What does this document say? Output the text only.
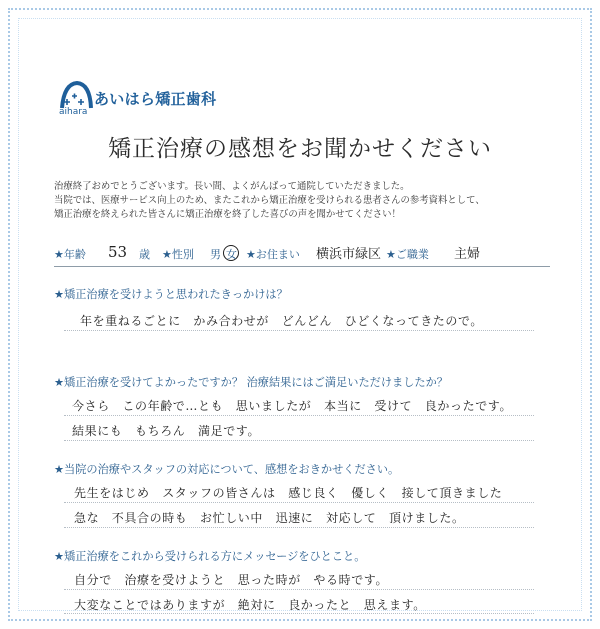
あいはら矯正歯科
aihara
矯正治療の感想をお聞かせください
治療終了おめでとうございます。長い間、よくがんばって通院していただきました。
当院では、医療サービス向上のため、またこれから矯正治療を受けられる患者さんの参考資料として、
矯正治療を終えられた皆さんに矯正治療を終了した喜びの声を聞かせてください！
★年齢 53 歳 ★性別 男 女 ★お住まい 横浜市緑区 ★ご職業 主婦
★矯正治療を受けようと思われたきっかけは？
年を重ねるごとに　かみ合わせが　どんどん　ひどくなってきたので。
★矯正治療を受けてよかったですか？ 治療結果にはご満足いただけましたか？
今さら　この年齢で…とも　思いましたが　本当に　受けて　良かったです。
結果にも　もちろん　満足です。
★当院の治療やスタッフの対応について、感想をおきかせください。
先生をはじめ　スタッフの皆さんは　感じ良く　優しく　接して頂きました
急な　不具合の時も　お忙しい中　迅速に　対応して　頂けました。
★矯正治療をこれから受けられる方にメッセージをひとこと。
自分で　治療を受けようと　思った時が　やる時です。
大変なことではありますが　絶対に　良かったと　思えます。
